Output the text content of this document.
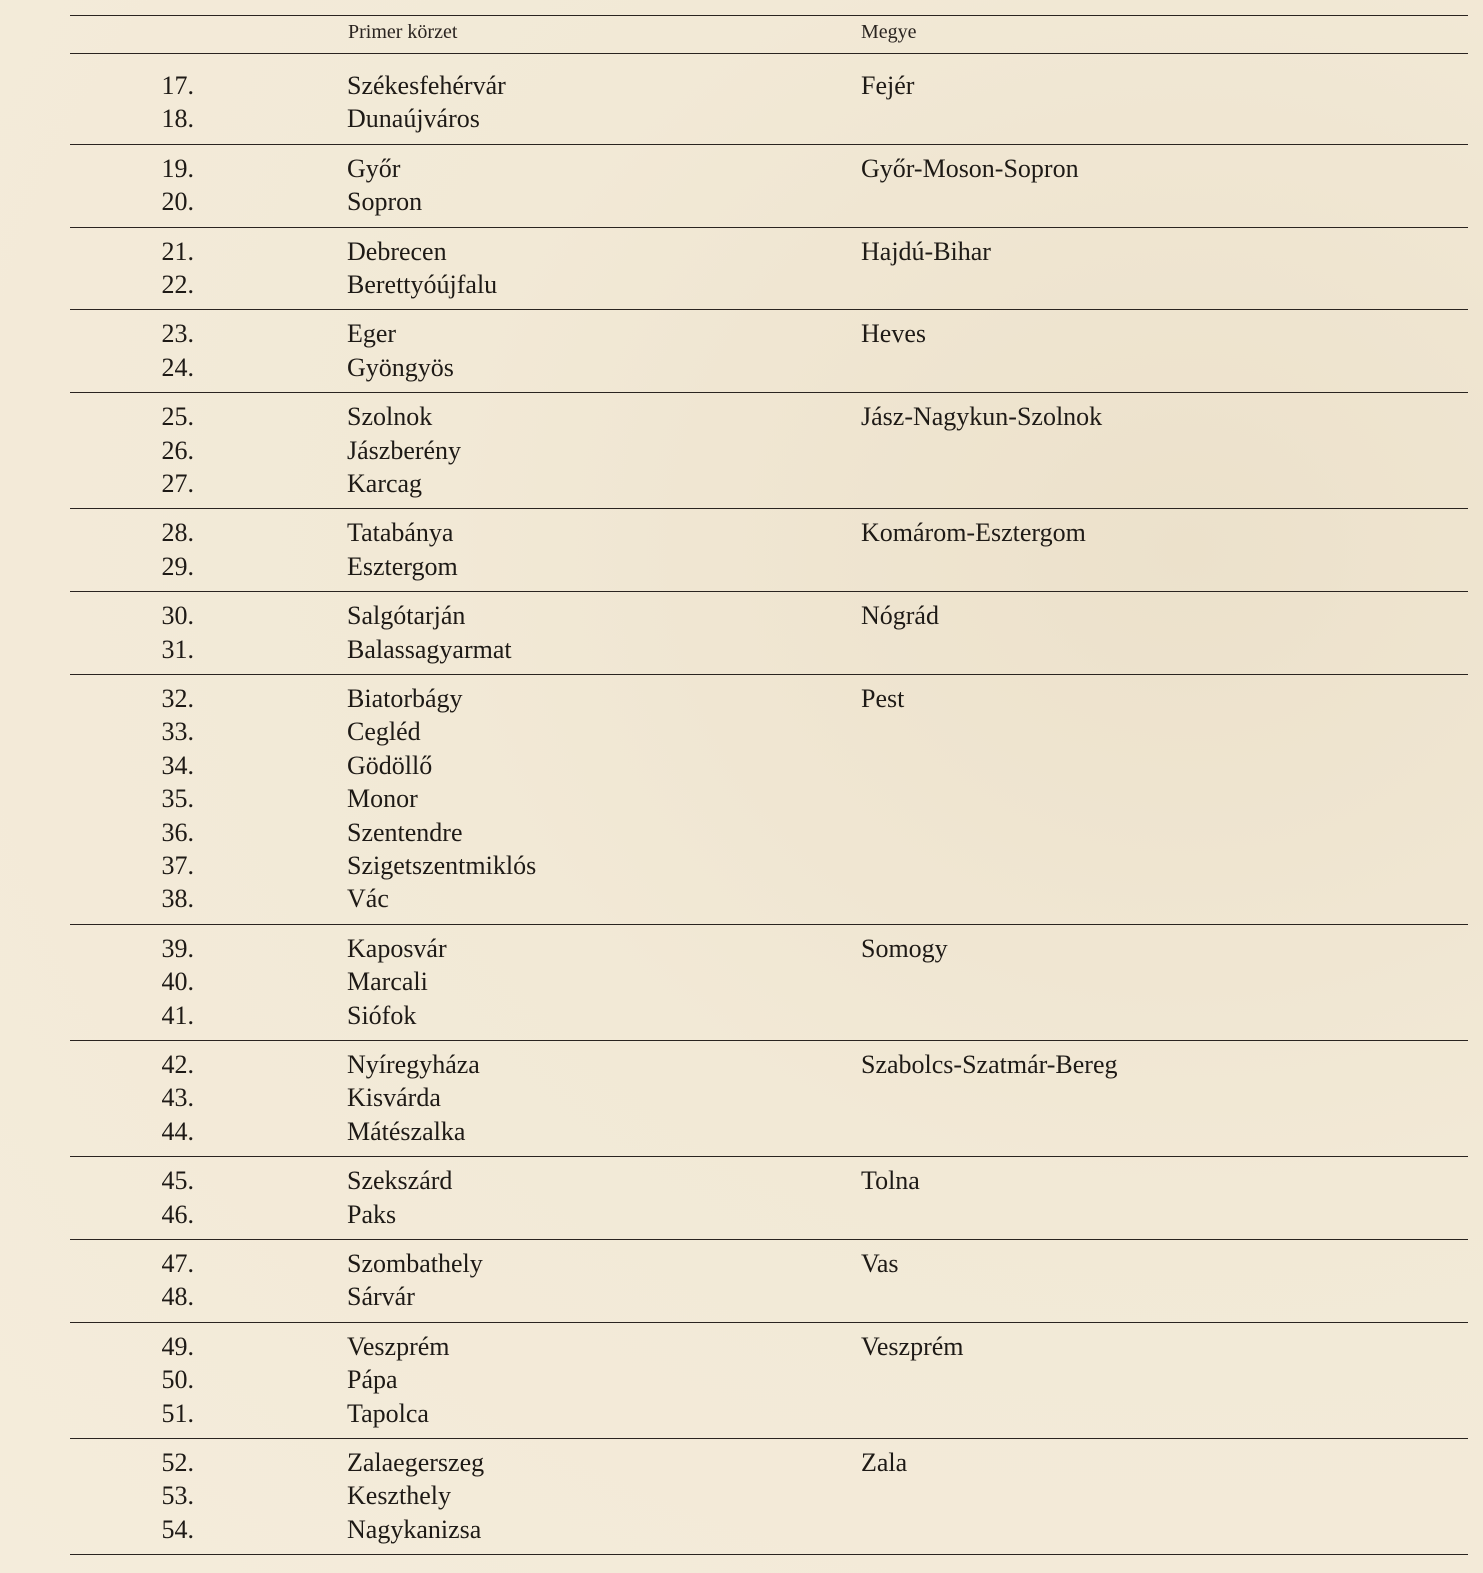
Primer körzet	Megye
17.	Székesfehérvár	Fejér
18.	Dunaújváros
19.	Győr	Győr-Moson-Sopron
20.	Sopron
21.	Debrecen	Hajdú-Bihar
22.	Berettyóújfalu
23.	Eger	Heves
24.	Gyöngyös
25.	Szolnok	Jász-Nagykun-Szolnok
26.	Jászberény
27.	Karcag
28.	Tatabánya	Komárom-Esztergom
29.	Esztergom
30.	Salgótarján	Nógrád
31.	Balassagyarmat
32.	Biatorbágy	Pest
33.	Cegléd
34.	Gödöllő
35.	Monor
36.	Szentendre
37.	Szigetszentmiklós
38.	Vác
39.	Kaposvár	Somogy
40.	Marcali
41.	Siófok
42.	Nyíregyháza	Szabolcs-Szatmár-Bereg
43.	Kisvárda
44.	Mátészalka
45.	Szekszárd	Tolna
46.	Paks
47.	Szombathely	Vas
48.	Sárvár
49.	Veszprém	Veszprém
50.	Pápa
51.	Tapolca
52.	Zalaegerszeg	Zala
53.	Keszthely
54.	Nagykanizsa
